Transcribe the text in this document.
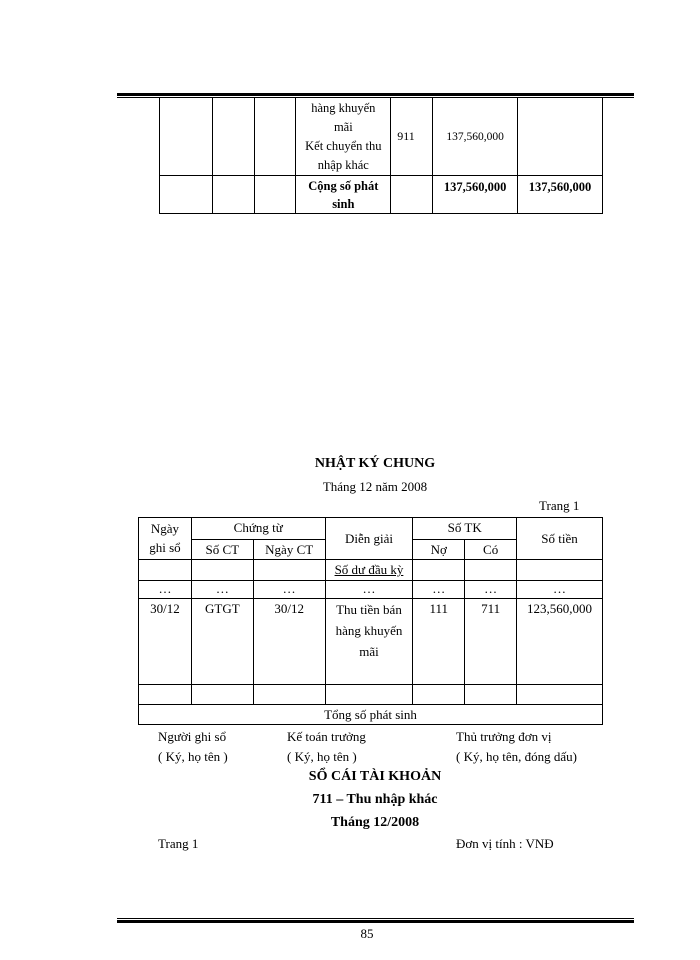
			hàng khuyến
mãi
Kết chuyển thu
nhập khác	911	137,560,000	

			Cộng số phát
sinh		137,560,000	137,560,000
NHẬT KÝ CHUNG
Tháng 12 năm 2008
Trang 1
Ngày
ghi sổ	Chứng từ		Diễn giải	Số TK		Số tiền
	Số CT	Ngày CT		Nợ	Có	
			Số dư đầu kỳ			
…	…	…	…	…	…	…
30/12	GTGT	30/12	Thu tiền bán
hàng khuyến
mãi	111	711	123,560,000

Tổng số phát sinh						
Người ghi sổ
( Ký, họ tên )
Kế toán trưởng
( Ký, họ tên )
Thủ trưởng đơn vị
( Ký, họ tên, đóng dấu)
SỔ CÁI TÀI KHOẢN
711 – Thu nhập khác
Tháng 12/2008
Trang 1	Đơn vị tính : VNĐ
85
